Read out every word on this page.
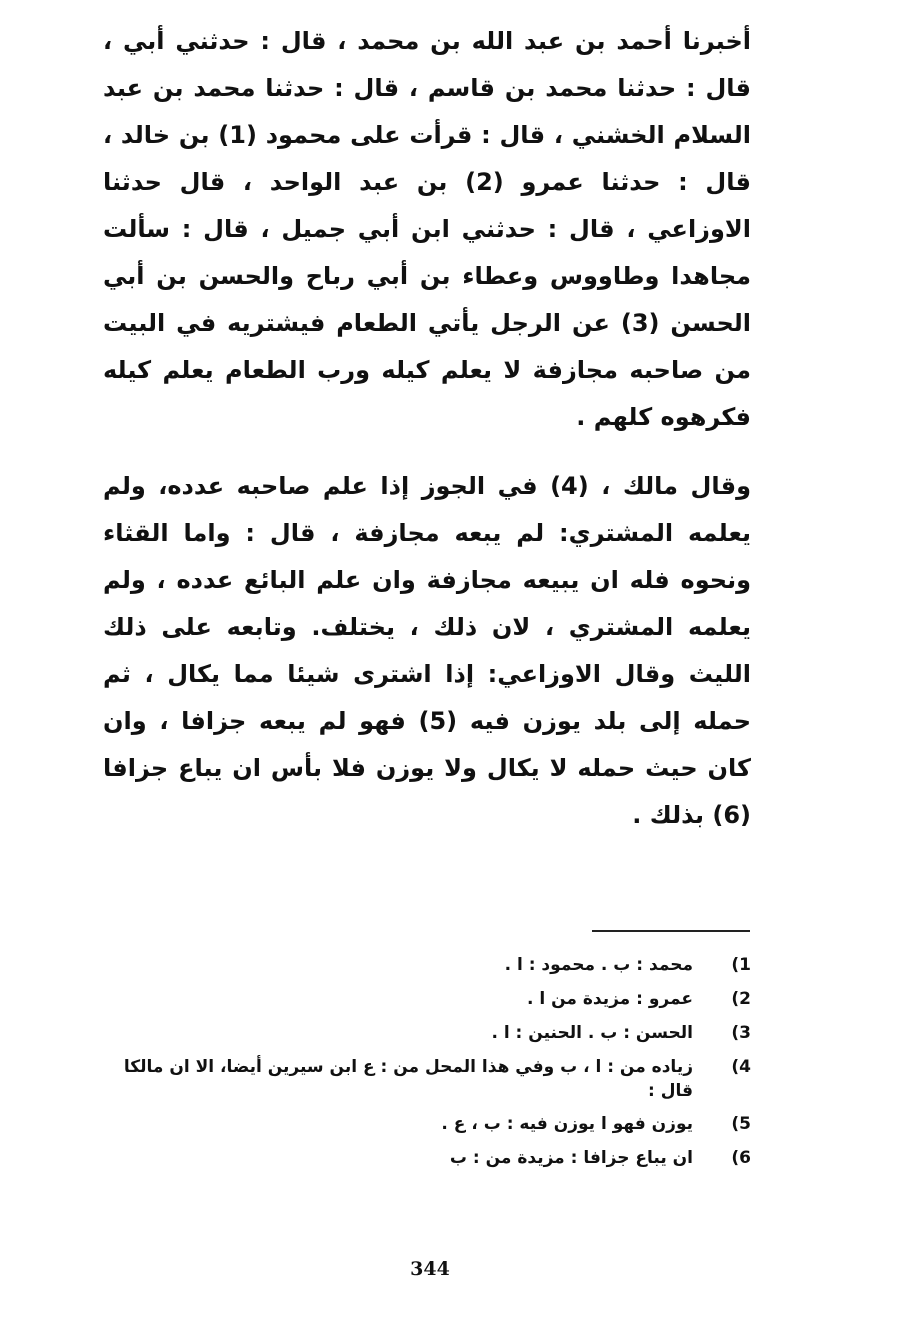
أخبرنا أحمد بن عبد الله بن محمد ، قال : حدثني أبي ، قال : حدثنا محمد بن قاسم ، قال : حدثنا محمد بن عبد السلام الخشني ، قال : قرأت على محمود (1) بن خالد ، قال : حدثنا عمرو (2) بن عبد الواحد ، قال حدثنا الاوزاعي ، قال : حدثني ابن أبي جميل ، قال : سألت مجاهدا وطاووس وعطاء بن أبي رباح والحسن بن أبي الحسن (3) عن الرجل يأتي الطعام فيشتريه في البيت من صاحبه مجازفة لا يعلم كيله ورب الطعام يعلم كيله فكرهوه كلهم .

وقال مالك ، (4) في الجوز إذا علم صاحبه عدده، ولم يعلمه المشتري: لم يبعه مجازفة ، قال : واما القثاء ونحوه فله ان يبيعه مجازفة وان علم البائع عدده ، ولم يعلمه المشتري ، لان ذلك ، يختلف. وتابعه على ذلك الليث وقال الاوزاعي: إذا اشترى شيئا مما يكال ، ثم حمله إلى بلد يوزن فيه (5) فهو لم يبعه جزافا ، وان كان حيث حمله لا يكال ولا يوزن فلا بأس ان يباع جزافا (6) بذلك .

(1
محمد : ب . محمود : ا .
(2
عمرو : مزيدة من ا .
(3
الحسن : ب . الحنين : ا .
(4
زياده من : ا ، ب وفي هذا المحل من : ع ابن سيرين أيضا، الا ان مالكا قال :
(5
يوزن فهو ا يوزن فيه : ب ، ع .
(6
ان يباع جزافا : مزيدة من : ب
344
